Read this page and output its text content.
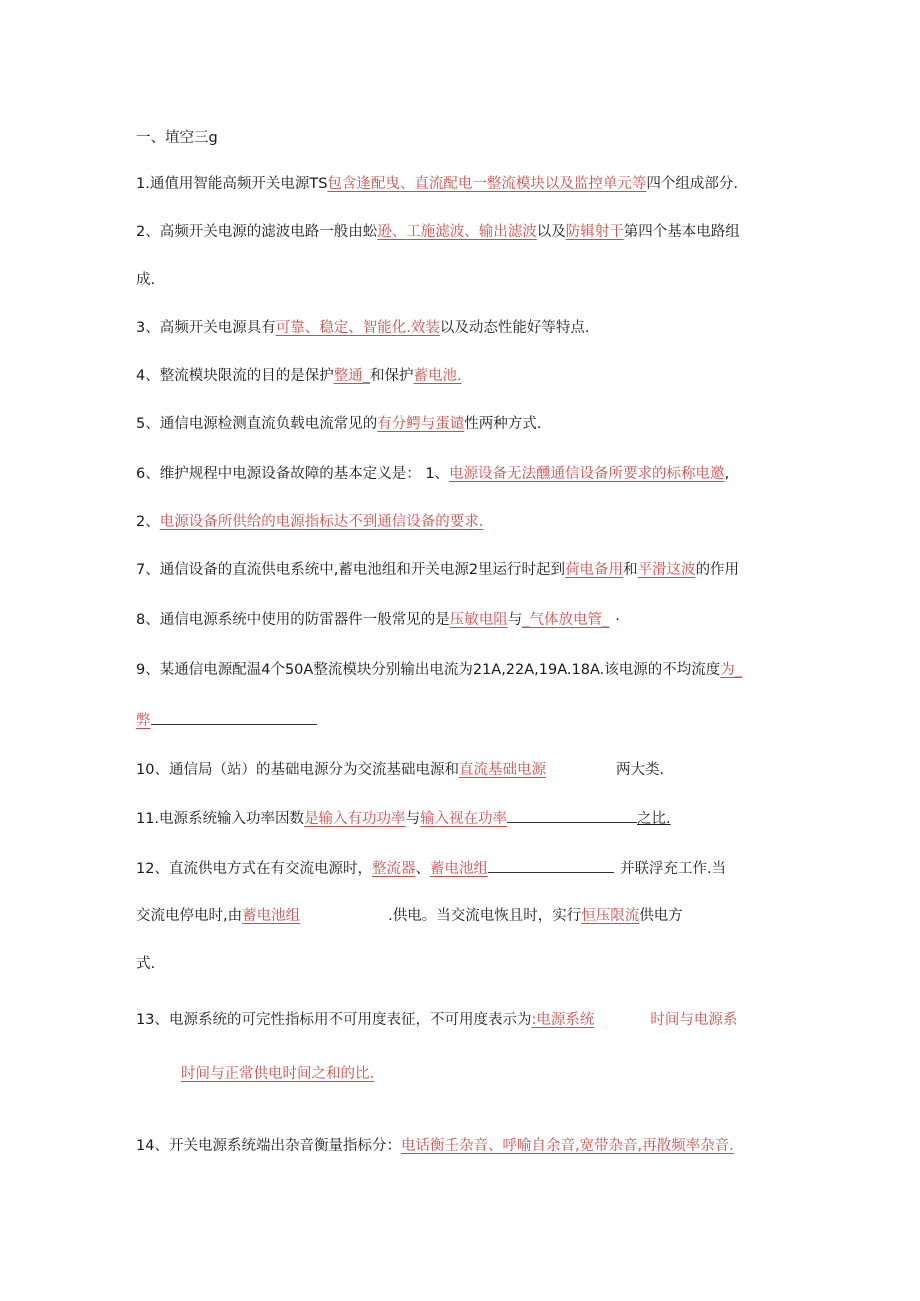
一、埴空三g
1.通值用智能高频开关电源TS包含逢配曳、直流配电一整流模块以及监控单元等四个组成部分.
2、高频开关电源的滤波电路一般由蚣逊、工施滤波、输出滤波以及防辑射干第四个基本电路组
成.
3、高频开关电源具有可靠、稳定、智能化.效装以及动态性能好等特点.
4、整流模块限流的目的是保护整通_和保护蓄电池.
5、通信电源检测直流负载电流常见的有分鳄与蛋谴性两种方式.
6、维护规程中电源设备故障的基本定义是： 1、电源设备无法醺通信设备所要求的标称电邀,
2、电源设备所供给的电源指标达不到通信设备的要求.
7、通信设备的直流供电系统中,蓄电池组和开关电源2里运行时起到荷电备用和平滑这波的作用
8、通信电源系统中使用的防雷器件一般常见的是压敏电阻与_气体放电管_ ·
9、某通信电源配温4个50A整流模块分别输出电流为21A,22A,19A.18A.该电源的不均流度为_
弊
10、通信局（站）的基础电源分为交流基础电源和直流基础电源	两大类.
11.电源系统输入功率因数是输入有功功率与输入视在功率	之比.
12、直流供电方式在有交流电源时，整流器、蓄电池组	并联浮充工作.当
交流电停电时,由蓄电池组	.供电。当交流电恢且时，实行恒压限流供电方
式.
13、电源系统的可完性指标用不可用度表征，不可用度表示为:电源系统	时间与电源系
时间与正常供电时间之和的比.
14、开关电源系统端出杂音衡量指标分：电话衡壬杂音、呼喻自余音,宽带杂音,再散频率杂音.
